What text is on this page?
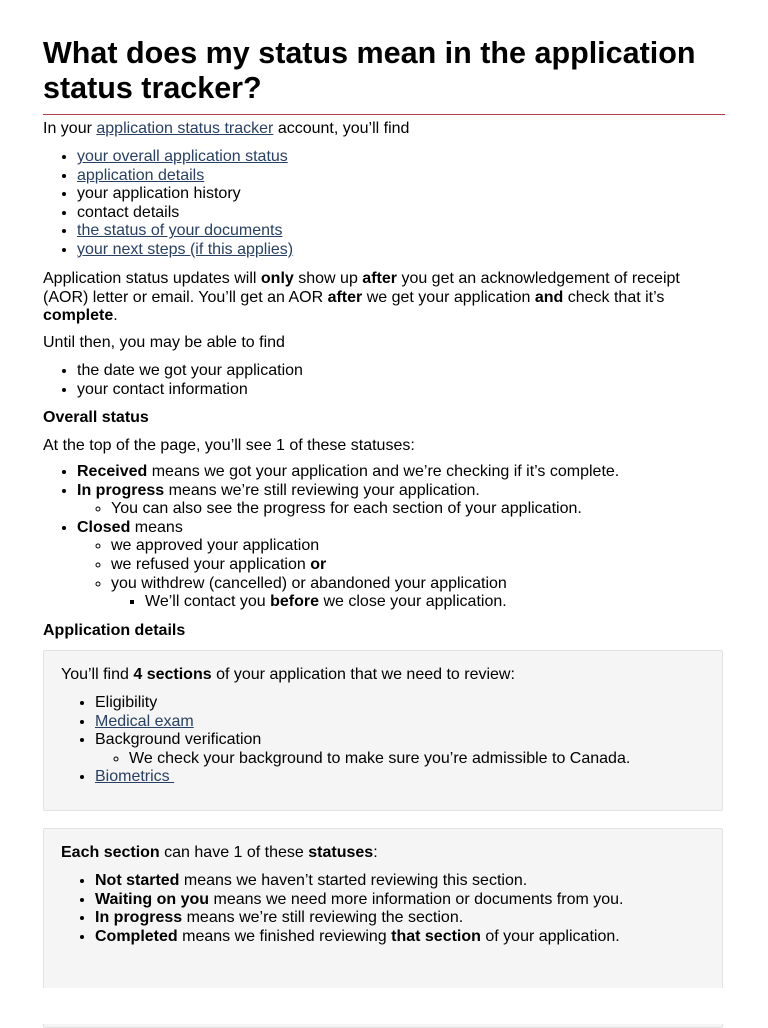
What does my status mean in the application status tracker?

In your application status tracker account, you’ll find

• your overall application status
• application details
• your application history
• contact details
• the status of your documents
• your next steps (if this applies)

Application status updates will only show up after you get an acknowledgement of receipt (AOR) letter or email. You’ll get an AOR after we get your application and check that it’s complete.

Until then, you may be able to find

• the date we got your application
• your contact information

Overall status

At the top of the page, you’ll see 1 of these statuses:

• Received means we got your application and we’re checking if it’s complete.
• In progress means we’re still reviewing your application.
◦ You can also see the progress for each section of your application.
• Closed means
◦ we approved your application
◦ we refused your application or
◦ you withdrew (cancelled) or abandoned your application
▪ We’ll contact you before we close your application.

Application details

You’ll find 4 sections of your application that we need to review:

• Eligibility
• Medical exam
• Background verification
◦ We check your background to make sure you’re admissible to Canada.
• Biometrics

Each section can have 1 of these statuses:

• Not started means we haven’t started reviewing this section.
• Waiting on you means we need more information or documents from you.
• In progress means we’re still reviewing the section.
• Completed means we finished reviewing that section of your application.
